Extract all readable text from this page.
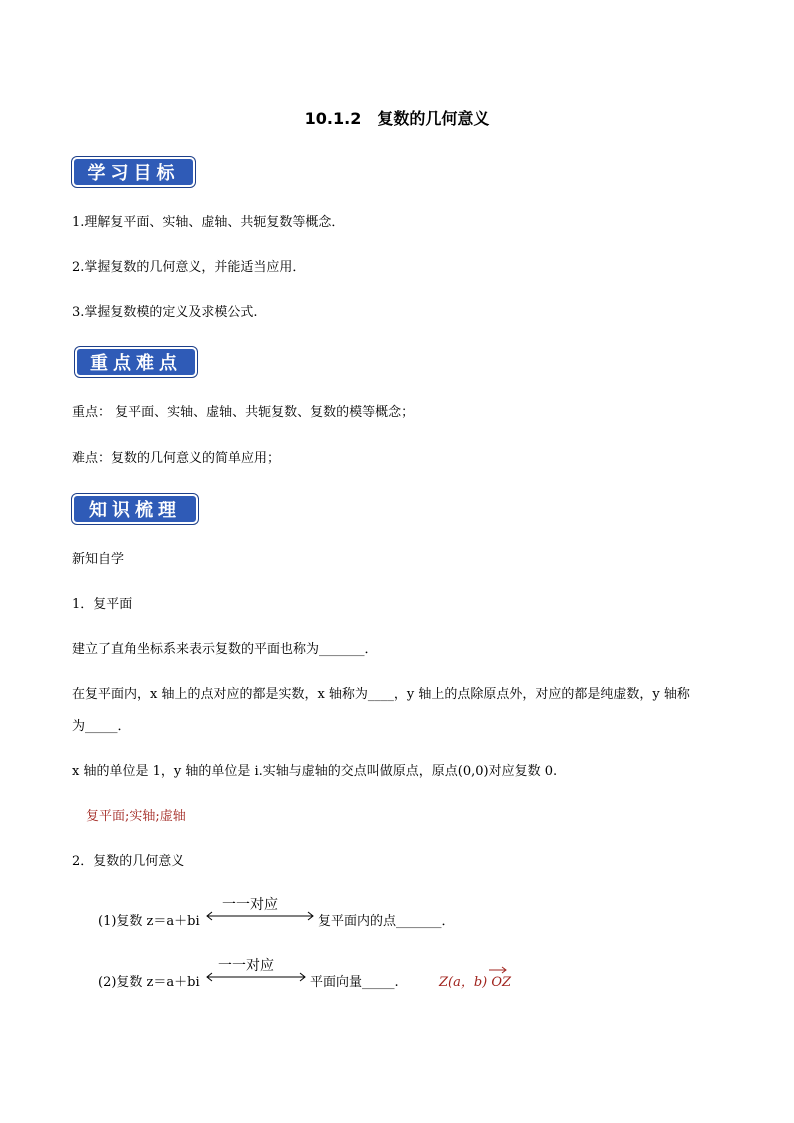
10.1.2　复数的几何意义
学习目标
1.理解复平面、实轴、虚轴、共轭复数等概念．
2.掌握复数的几何意义，并能适当应用．
3.掌握复数模的定义及求模公式.
重点难点
重点： 复平面、实轴、虚轴、共轭复数、复数的模等概念；
难点：复数的几何意义的简单应用；
知识梳理
新知自学
1．复平面
建立了直角坐标系来表示复数的平面也称为_______．
在复平面内，x 轴上的点对应的都是实数，x 轴称为____，y 轴上的点除原点外，对应的都是纯虚数，y 轴称
为_____．
x 轴的单位是 1，y 轴的单位是 i.实轴与虚轴的交点叫做原点，原点(0,0)对应复数 0.
复平面;实轴;虚轴
2．复数的几何意义
(1)复数 z＝a＋bi
一一对应
复平面内的点_______．
(2)复数 z＝a＋bi
一一对应
平面向量_____.	Z(a，b) OZ
